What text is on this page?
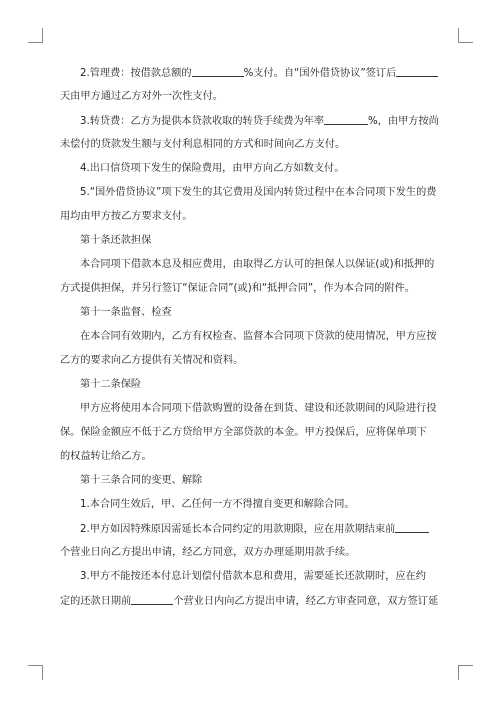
2.管理费：按借款总额的	%支付。自“国外借贷协议”签订后
天由甲方通过乙方对外一次性支付。
3.转贷费：乙方为提供本贷款收取的转贷手续费为年率	%，由甲方按尚
未偿付的贷款发生额与支付利息相同的方式和时间向乙方支付。
4.出口信贷项下发生的保险费用，由甲方向乙方如数支付。
5.“国外借贷协议”项下发生的其它费用及国内转贷过程中在本合同项下发生的费
用均由甲方按乙方要求支付。
第十条还款担保
本合同项下借款本息及相应费用，由取得乙方认可的担保人以保证(或)和抵押的
方式提供担保，并另行签订“保证合同”(或)和“抵押合同”，作为本合同的附件。
第十一条监督、检查
在本合同有效期内，乙方有权检查、监督本合同项下贷款的使用情况，甲方应按
乙方的要求向乙方提供有关情况和资料。
第十二条保险
甲方应将使用本合同项下借款购置的设备在到货、建设和还款期间的风险进行投
保。保险金额应不低于乙方贷给甲方全部贷款的本金。甲方投保后，应将保单项下
的权益转让给乙方。
第十三条合同的变更、解除
1.本合同生效后，甲、乙任何一方不得擅自变更和解除合同。
2.甲方如因特殊原因需延长本合同约定的用款期限，应在用款期结束前
个营业日向乙方提出申请，经乙方同意，双方办理延期用款手续。
3.甲方不能按还本付息计划偿付借款本息和费用，需要延长还款期时，应在约
定的还款日期前	个营业日内向乙方提出申请，经乙方审查同意，双方签订延
